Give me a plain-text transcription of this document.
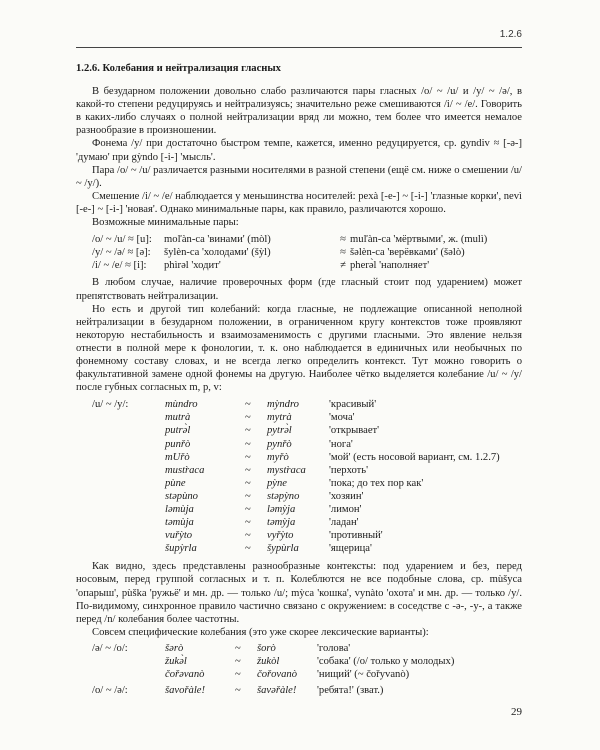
1.2.6
1.2.6. Колебания и нейтрализация гласных

В безударном положении довольно слабо различаются пары гласных /o/ ~ /u/ и /y/ ~ /ə/, в какой-то степени редуцируясь и нейтрализуясь; значительно реже смешиваются /i/ ~ /e/. Говорить в каких-либо случаях о полной нейтрализации вряд ли можно, тем более что имеется немалое разнообразие в произношении.

Фонема /y/ при достаточно быстром темпе, кажется, именно редуцируется, ср. gyndiv ≈ [-ə-] 'думаю' при gỳndo [-i-] 'мысль'.

Пара /o/ ~ /u/ различается разными носителями в разной степени (ещё см. ниже о смешении /u/ ~ /y/).

Смешение /i/ ~ /e/ наблюдается у меньшинства носителей: pexà [-e-] ~ [-i-] 'глазные корки', nevì [-e-] ~ [-i-] 'новая'. Однако минимальные пары, как правило, различаются хорошо.

Возможные минимальные пары:

/o/ ~ /u/ ≈ [u]:	moľàn-ca 'винами' (mòl)	≈ muľàn-ca 'мёртвыми', ж. (mulì)
/y/ ~ /ə/ ≈ [ə]:	šylèn-ca 'холодами' (šỳl)	≈ šəlèn-ca 'верёвками' (šəlò)
/i/ ~ /e/ ≈ [i]:	phìrəl 'ходит'	≠ pherə̀l 'наполняет'

В любом случае, наличие проверочных форм (где гласный стоит под ударением) может препятствовать нейтрализации.

Но есть и другой тип колебаний: когда гласные, не подлежащие описанной неполной нейтрализации в безударном положении, в ограниченном кругу контекстов тоже проявляют некоторую нестабильность и взаимозаменимость с другими гласными. Это явление нельзя отнести в полной мере к фонологии, т. к. оно наблюдается в единичных или необычных по фонемному составу словах, и не всегда легко определить контекст. Тут можно говорить о факультативной замене одной фонемы на другую. Наиболее чётко выделяется колебание /u/ ~ /y/ после губных согласных m, p, v:

/u/ ~ /y/:	mùndro	~	mỳndro	'красивый'
mutrà	~	mytrà	'моча'
putrə̀l	~	pytrə̀l	'открывает'
punřò	~	pynřò	'нога'
mUřò	~	myřò	'мой' (есть носовой вариант, см. 1.2.7)
mustr̀aca	~	mystr̀aca	'перхоть'
pùne	~	pỳne	'пока; до тех пор как'
stəpùno	~	stəpỳno	'хозяин'
ləmùja	~	ləmỳja	'лимон'
təmùja	~	təmỳja	'ладан'
vuřỳto	~	vyřỳto	'противный'
šupỳrla	~	šypùrla	'ящерица'

Как видно, здесь представлены разнообразные контексты: под ударением и без, перед носовым, перед группой согласных и т. п. Колеблются не все подобные слова, ср. mùšyca 'опарыш', pùška 'ружьё' и мн. др. — только /u/; mỳca 'кошка', vynàto 'охота' и мн. др. — только /y/. По-видимому, синхронное правило частично связано с окружением: в соседстве с -ə-, -y-, а также перед /n/ колебания более частотны.

Совсем специфические колебания (это уже скорее лексические варианты):

/ə/ ~ /o/:	šərò	~	šorò	'голова'
žukə̀l	~	žukòl	'собака' (/o/ только у молодых)
čořəvanò	~	čořovanò	'нищий' (~ čořyvanò)
/o/ ~ /ə/:	šavořàle!	~	šavəřàle!	'ребята!' (зват.)
29
